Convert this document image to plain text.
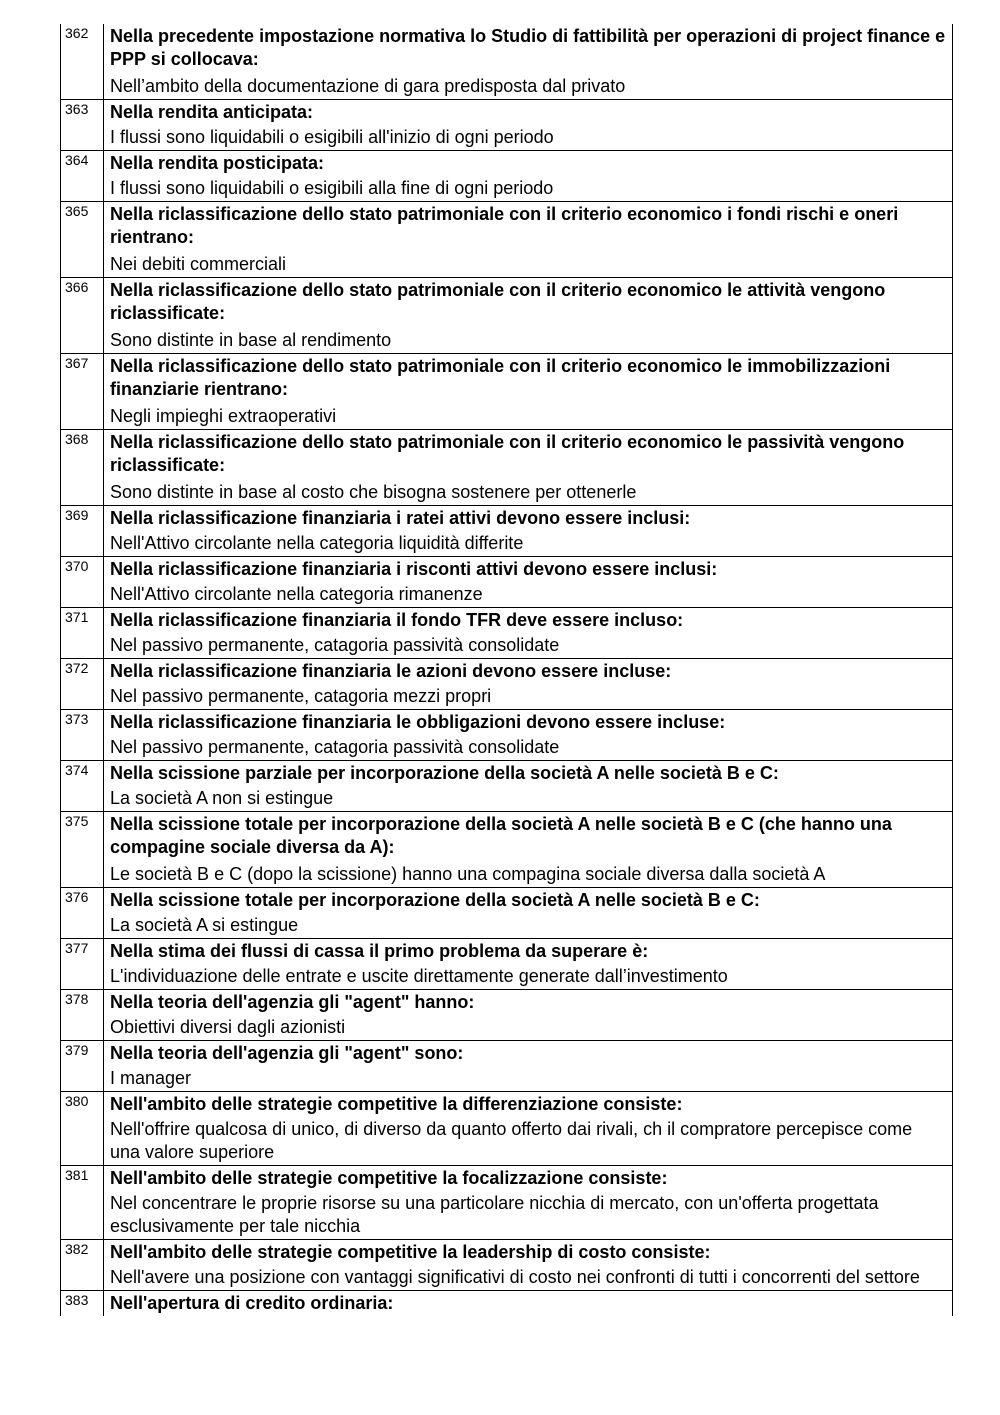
362	Nella precedente impostazione normativa lo Studio di fattibilità per operazioni di project finance e PPP si collocava:

Nell’ambito della documentazione di gara predisposta dal privato

363	Nella rendita anticipata:

I flussi sono liquidabili o esigibili all'inizio di ogni periodo

364	Nella rendita posticipata:

I flussi sono liquidabili o esigibili alla fine di ogni periodo

365	Nella riclassificazione dello stato patrimoniale con il criterio economico i fondi rischi e oneri rientrano:

Nei debiti commerciali

366	Nella riclassificazione dello stato patrimoniale con il criterio economico le attività vengono riclassificate:

Sono distinte in base al rendimento

367	Nella riclassificazione dello stato patrimoniale con il criterio economico le immobilizzazioni finanziarie rientrano:

Negli impieghi extraoperativi

368	Nella riclassificazione dello stato patrimoniale con il criterio economico le passività vengono riclassificate:

Sono distinte in base al costo che bisogna sostenere per ottenerle

369	Nella riclassificazione finanziaria i ratei attivi devono essere inclusi:

Nell'Attivo circolante nella categoria liquidità differite

370	Nella riclassificazione finanziaria i risconti attivi devono essere inclusi:

Nell'Attivo circolante nella categoria rimanenze

371	Nella riclassificazione finanziaria il fondo TFR deve essere incluso:

Nel passivo permanente, catagoria passività consolidate

372	Nella riclassificazione finanziaria le azioni devono essere incluse:

Nel passivo permanente, catagoria mezzi propri

373	Nella riclassificazione finanziaria le obbligazioni devono essere incluse:

Nel passivo permanente, catagoria passività consolidate

374	Nella scissione parziale per incorporazione della società A nelle società B e C:

La società A non si estingue

375	Nella scissione totale per incorporazione della società A nelle società B e C (che hanno una compagine sociale diversa da A):

Le società B e C (dopo la scissione) hanno una compagina sociale diversa dalla società A

376	Nella scissione totale per incorporazione della società A nelle società B e C:

La società A si estingue

377	Nella stima dei flussi di cassa il primo problema da superare è:

L'individuazione delle entrate e uscite direttamente generate dall’investimento

378	Nella teoria dell'agenzia gli "agent" hanno:

Obiettivi diversi dagli azionisti

379	Nella teoria dell'agenzia gli "agent" sono:

I manager

380	Nell'ambito delle strategie competitive la differenziazione consiste:

Nell'offrire qualcosa di unico, di diverso da quanto offerto dai rivali, ch il compratore percepisce come una valore superiore

381	Nell'ambito delle strategie competitive la focalizzazione consiste:

Nel concentrare le proprie risorse su una particolare nicchia di mercato, con un'offerta progettata esclusivamente per tale nicchia

382	Nell'ambito delle strategie competitive la leadership di costo consiste:

Nell'avere una posizione con vantaggi significativi di costo nei confronti di tutti i concorrenti del settore

383	Nell'apertura di credito ordinaria:
